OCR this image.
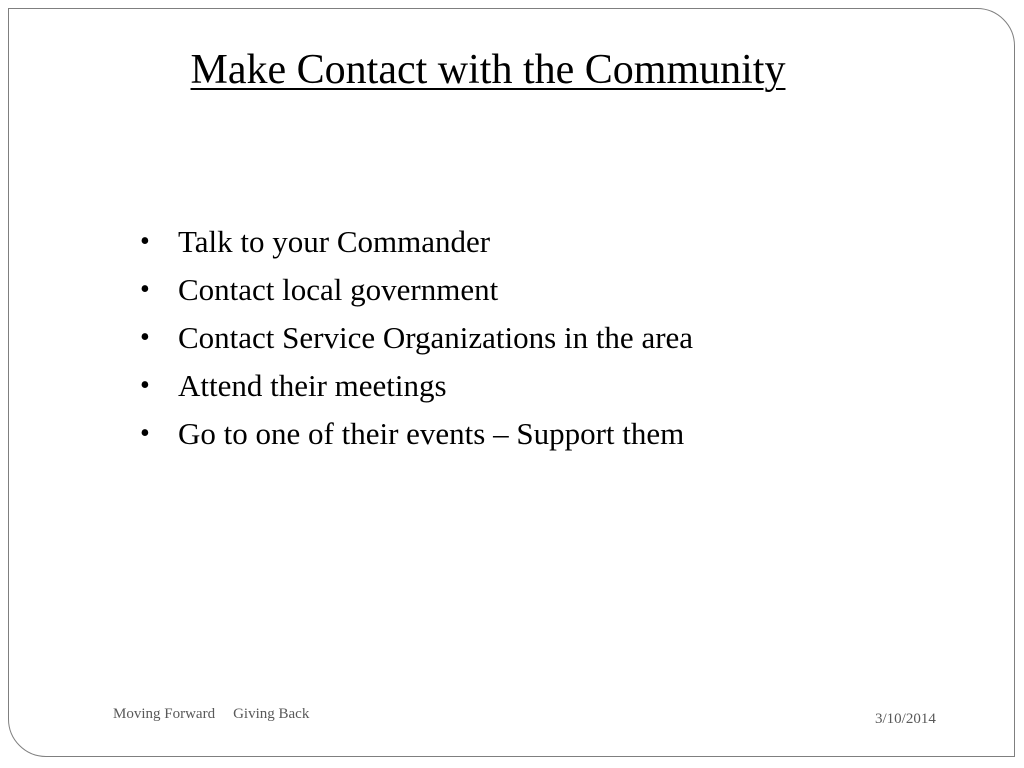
Make Contact with the Community
• Talk to your Commander
• Contact local government
• Contact Service Organizations in the area
• Attend their meetings
• Go to one of their events – Support them
Moving Forward Giving Back	3/10/2014
